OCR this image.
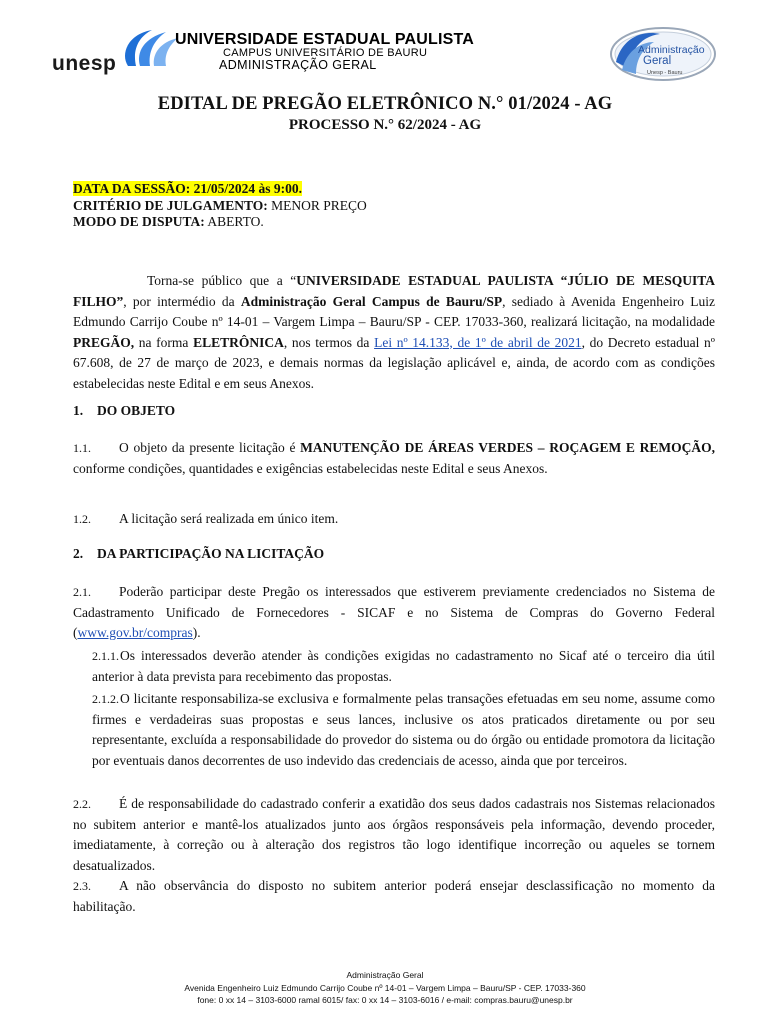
unesp
UNIVERSIDADE ESTADUAL PAULISTA
CAMPUS UNIVERSITÁRIO DE BAURU
ADMINISTRAÇÃO GERAL
Administração
Geral
Unesp - Bauru
EDITAL DE PREGÃO ELETRÔNICO N.° 01/2024 - AG
PROCESSO N.° 62/2024 - AG
DATA DA SESSÃO: 21/05/2024 às 9:00.
CRITÉRIO DE JULGAMENTO: MENOR PREÇO
MODO DE DISPUTA: ABERTO.
Torna-se público que a “UNIVERSIDADE ESTADUAL PAULISTA “JÚLIO DE MESQUITA FILHO”, por intermédio da Administração Geral Campus de Bauru/SP, sediado à Avenida Engenheiro Luiz Edmundo Carrijo Coube nº 14-01 – Vargem Limpa – Bauru/SP - CEP. 17033-360, realizará licitação, na modalidade PREGÃO, na forma ELETRÔNICA, nos termos da Lei nº 14.133, de 1º de abril de 2021, do Decreto estadual nº 67.608, de 27 de março de 2023, e demais normas da legislação aplicável e, ainda, de acordo com as condições estabelecidas neste Edital e em seus Anexos.
1. DO OBJETO
1.1. O objeto da presente licitação é MANUTENÇÃO DE ÁREAS VERDES – ROÇAGEM E REMOÇÃO, conforme condições, quantidades e exigências estabelecidas neste Edital e seus Anexos.
1.2. A licitação será realizada em único item.
2. DA PARTICIPAÇÃO NA LICITAÇÃO
2.1. Poderão participar deste Pregão os interessados que estiverem previamente credenciados no Sistema de Cadastramento Unificado de Fornecedores - SICAF e no Sistema de Compras do Governo Federal (www.gov.br/compras).
2.1.1.Os interessados deverão atender às condições exigidas no cadastramento no Sicaf até o terceiro dia útil anterior à data prevista para recebimento das propostas.
2.1.2.O licitante responsabiliza-se exclusiva e formalmente pelas transações efetuadas em seu nome, assume como firmes e verdadeiras suas propostas e seus lances, inclusive os atos praticados diretamente ou por seu representante, excluída a responsabilidade do provedor do sistema ou do órgão ou entidade promotora da licitação por eventuais danos decorrentes de uso indevido das credenciais de acesso, ainda que por terceiros.
2.2. É de responsabilidade do cadastrado conferir a exatidão dos seus dados cadastrais nos Sistemas relacionados no subitem anterior e mantê-los atualizados junto aos órgãos responsáveis pela informação, devendo proceder, imediatamente, à correção ou à alteração dos registros tão logo identifique incorreção ou aqueles se tornem desatualizados.
2.3. A não observância do disposto no subitem anterior poderá ensejar desclassificação no momento da habilitação.
Administração Geral
Avenida Engenheiro Luiz Edmundo Carrijo Coube nº 14-01 – Vargem Limpa – Bauru/SP - CEP. 17033-360
fone: 0 xx 14 – 3103-6000 ramal 6015/ fax: 0 xx 14 – 3103-6016 / e-mail: compras.bauru@unesp.br
